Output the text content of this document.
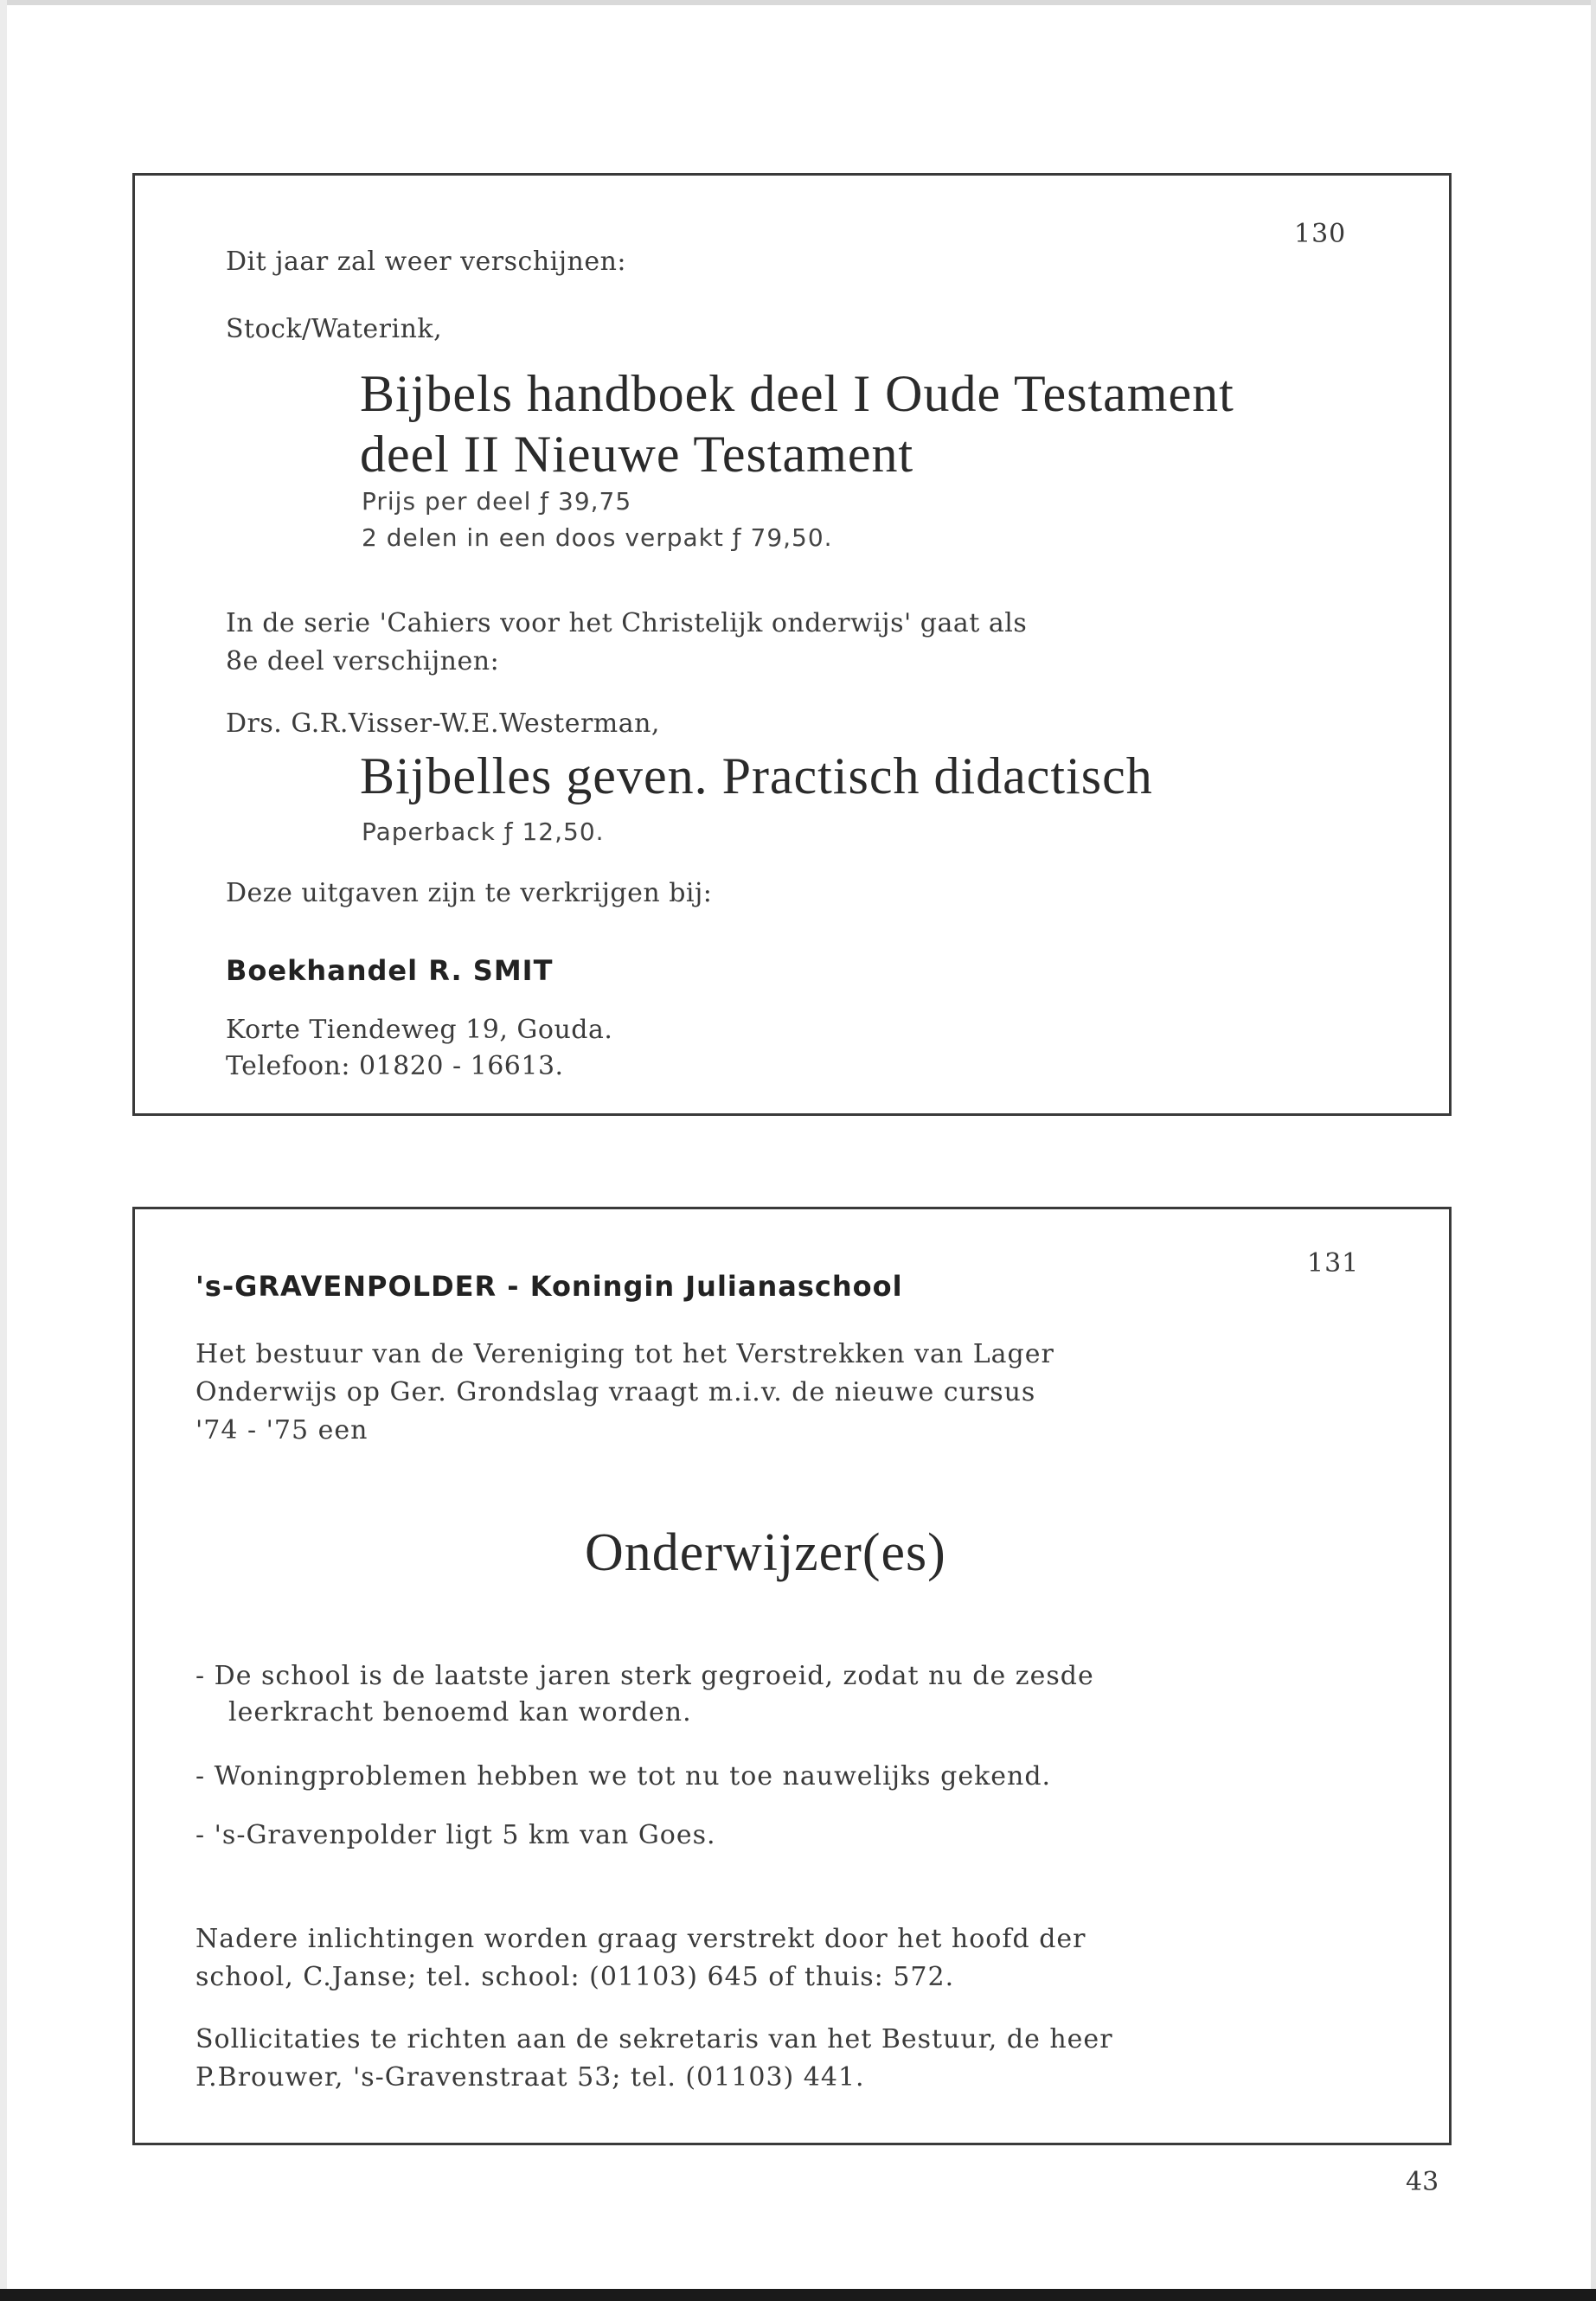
130
Dit jaar zal weer verschijnen:
Stock/Waterink,
Bijbels handboek deel I Oude Testament
deel II Nieuwe Testament
Prijs per deel ƒ 39,75
2 delen in een doos verpakt ƒ 79,50.
In de serie 'Cahiers voor het Christelijk onderwijs' gaat als
8e deel verschijnen:
Drs. G.R.Visser-W.E.Westerman,
Bijbelles geven. Practisch didactisch
Paperback ƒ 12,50.
Deze uitgaven zijn te verkrijgen bij:
Boekhandel R. SMIT
Korte Tiendeweg 19, Gouda.
Telefoon: 01820 - 16613.
131
's-GRAVENPOLDER - Koningin Julianaschool
Het bestuur van de Vereniging tot het Verstrekken van Lager
Onderwijs op Ger. Grondslag vraagt m.i.v. de nieuwe cursus
'74 - '75 een
Onderwijzer(es)
- De school is de laatste jaren sterk gegroeid, zodat nu de zesde
leerkracht benoemd kan worden.
- Woningproblemen hebben we tot nu toe nauwelijks gekend.
- 's-Gravenpolder ligt 5 km van Goes.
Nadere inlichtingen worden graag verstrekt door het hoofd der
school, C.Janse; tel. school: (01103) 645 of thuis: 572.
Sollicitaties te richten aan de sekretaris van het Bestuur, de heer
P.Brouwer, 's-Gravenstraat 53; tel. (01103) 441.
43
